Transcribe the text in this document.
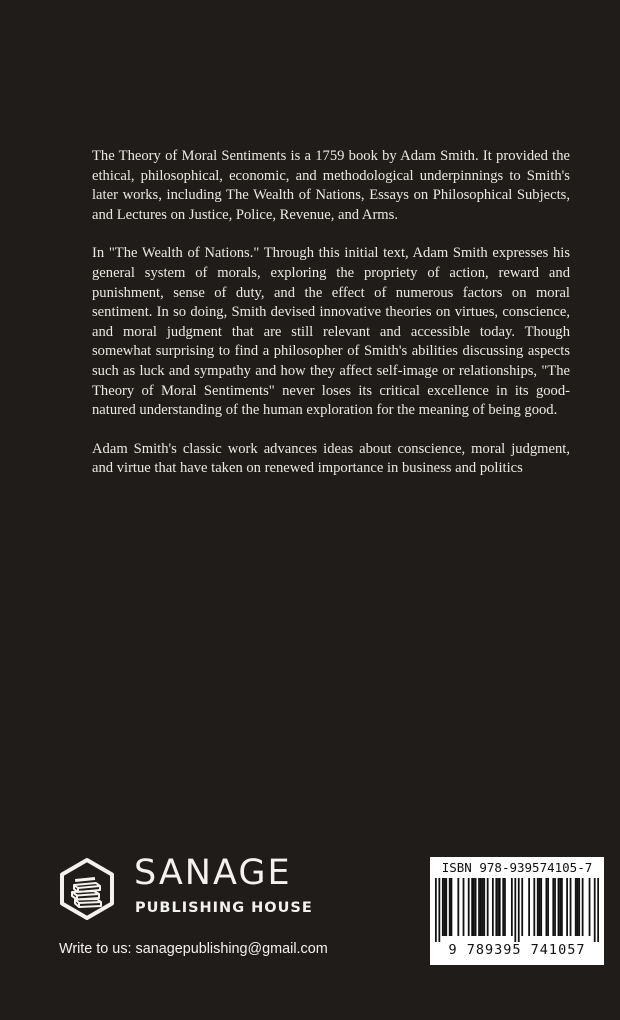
The Theory of Moral Sentiments is a 1759 book by Adam Smith. It provided the ethical, philosophical, economic, and methodological underpinnings to Smith's later works, including The Wealth of Nations, Essays on Philosophical Subjects, and Lectures on Justice, Police, Revenue, and Arms.

In "The Wealth of Nations." Through this initial text, Adam Smith expresses his general system of morals, exploring the propriety of action, reward and punishment, sense of duty, and the effect of numerous factors on moral sentiment. In so doing, Smith devised innovative theories on virtues, conscience, and moral judgment that are still relevant and accessible today. Though somewhat surprising to find a philosopher of Smith's abilities discussing aspects such as luck and sympathy and how they affect self-image or relationships, "The Theory of Moral Sentiments" never loses its critical excellence in its good-natured understanding of the human exploration for the meaning of being good.

Adam Smith's classic work advances ideas about conscience, moral judgment, and virtue that have taken on renewed importance in business and politics

SANAGE
PUBLISHING HOUSE
Write to us: sanagepublishing@gmail.com
ISBN 978-939574105-7
9 789395 741057
